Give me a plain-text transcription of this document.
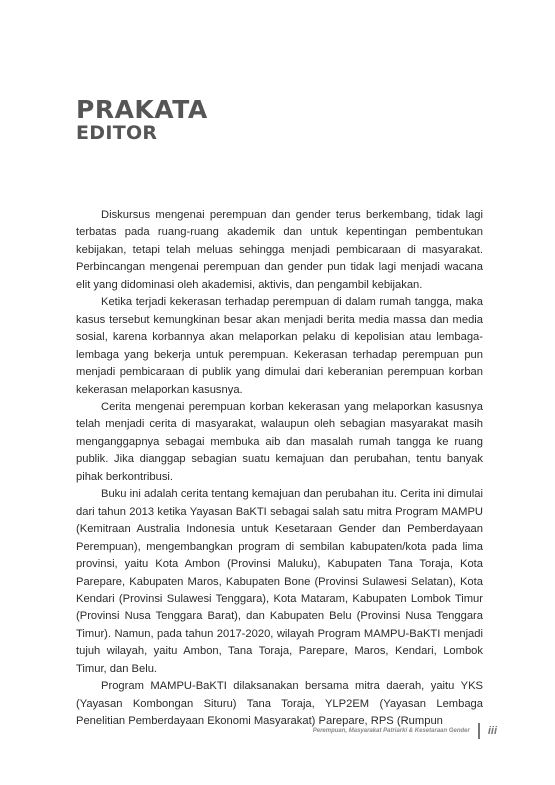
PRAKATA
EDITOR

Diskursus mengenai perempuan dan gender terus berkembang, tidak lagi terbatas pada ruang-ruang akademik dan untuk kepentingan pembentukan kebijakan, tetapi telah meluas sehingga menjadi pembicaraan di masyarakat. Perbincangan mengenai perempuan dan gender pun tidak lagi menjadi wacana elit yang didominasi oleh akademisi, aktivis, dan pengambil kebijakan.

Ketika terjadi kekerasan terhadap perempuan di dalam rumah tangga, maka kasus tersebut kemungkinan besar akan menjadi berita media massa dan media sosial, karena korbannya akan melaporkan pelaku di kepolisian atau lembaga-lembaga yang bekerja untuk perempuan. Kekerasan terhadap perempuan pun menjadi pembicaraan di publik yang dimulai dari keberanian perempuan korban kekerasan melaporkan kasusnya.

Cerita mengenai perempuan korban kekerasan yang melaporkan kasusnya telah menjadi cerita di masyarakat, walaupun oleh sebagian masyarakat masih menganggapnya sebagai membuka aib dan masalah rumah tangga ke ruang publik. Jika dianggap sebagian suatu kemajuan dan perubahan, tentu banyak pihak berkontribusi.

Buku ini adalah cerita tentang kemajuan dan perubahan itu. Cerita ini dimulai dari tahun 2013 ketika Yayasan BaKTI sebagai salah satu mitra Program MAMPU (Kemitraan Australia Indonesia untuk Kesetaraan Gender dan Pemberdayaan Perempuan), mengembangkan program di sembilan kabupaten/kota pada lima provinsi, yaitu Kota Ambon (Provinsi Maluku), Kabupaten Tana Toraja, Kota Parepare, Kabupaten Maros, Kabupaten Bone (Provinsi Sulawesi Selatan), Kota Kendari (Provinsi Sulawesi Tenggara), Kota Mataram, Kabupaten Lombok Timur (Provinsi Nusa Tenggara Barat), dan Kabupaten Belu (Provinsi Nusa Tenggara Timur). Namun, pada tahun 2017-2020, wilayah Program MAMPU-BaKTI menjadi tujuh wilayah, yaitu Ambon, Tana Toraja, Parepare, Maros, Kendari, Lombok Timur, dan Belu.

Program MAMPU-BaKTI dilaksanakan bersama mitra daerah, yaitu YKS (Yayasan Kombongan Situru) Tana Toraja, YLP2EM (Yayasan Lembaga Penelitian Pemberdayaan Ekonomi Masyarakat) Parepare, RPS (Rumpun

Perempuan, Masyarakat Patriarki & Kesetaraan Gender iii
